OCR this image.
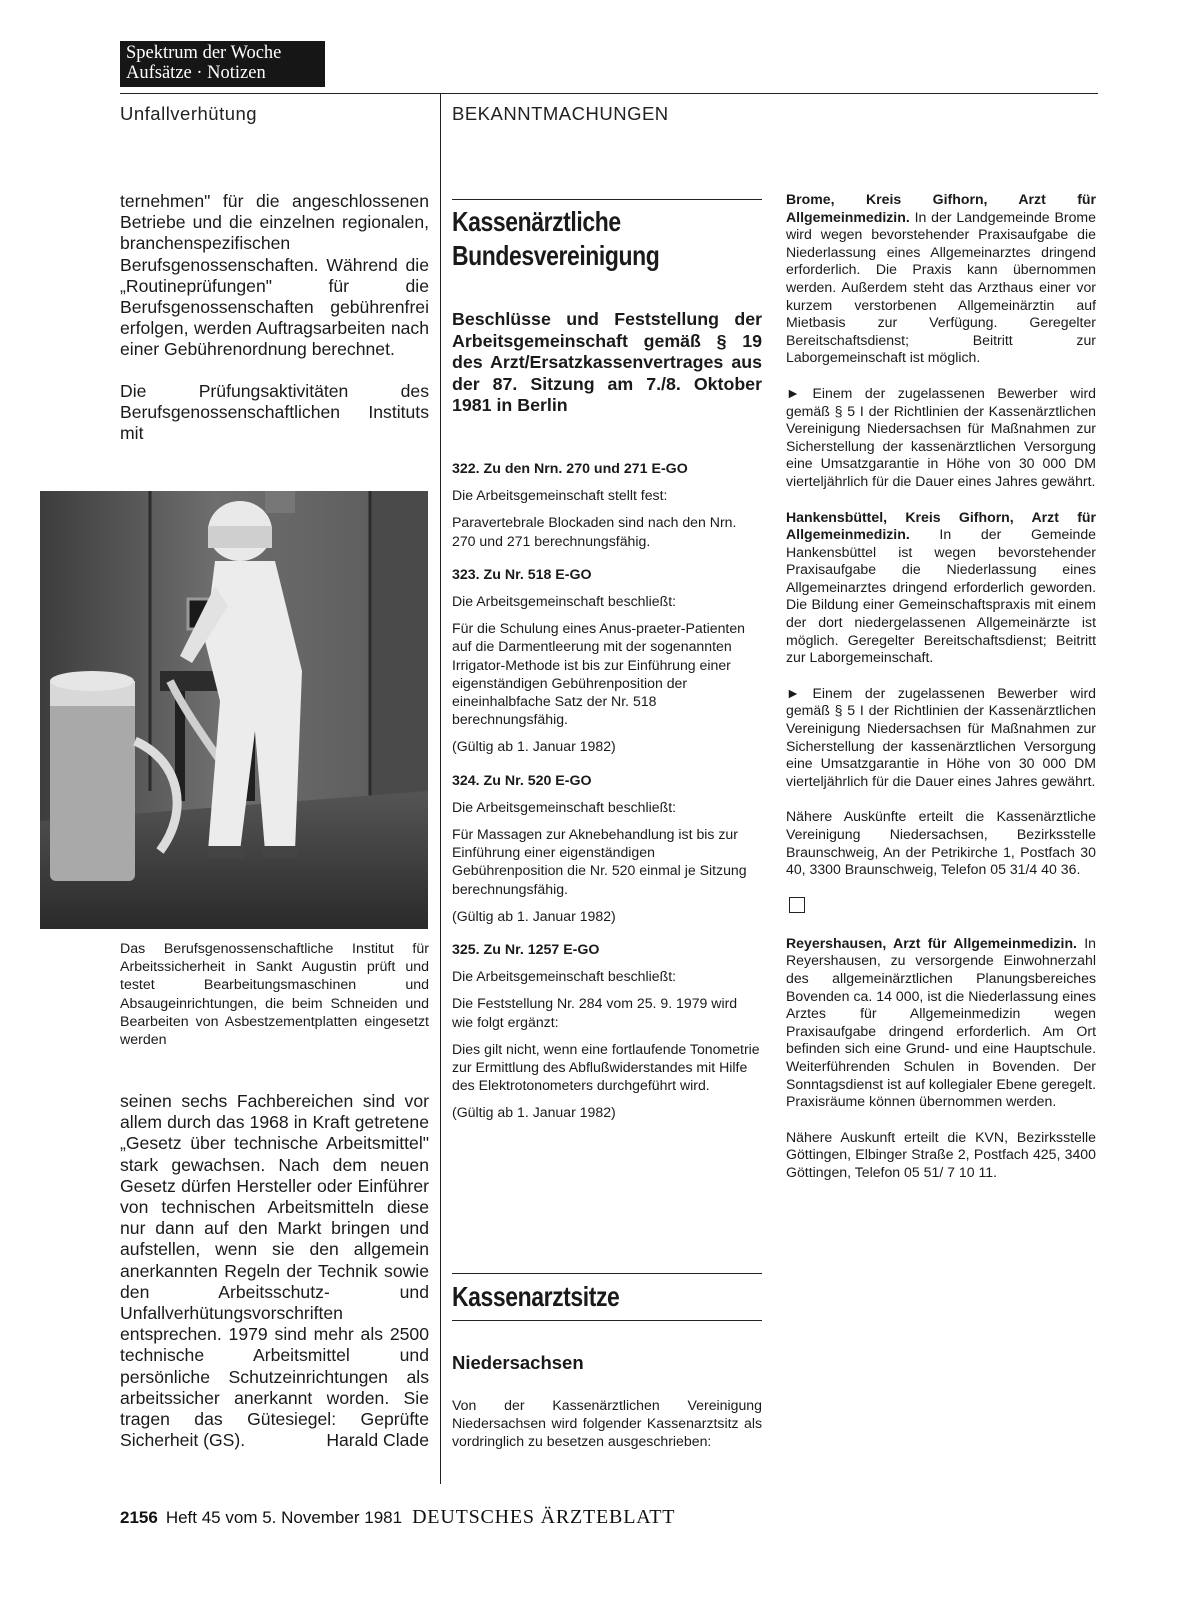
Spektrum der Woche
Aufsätze · Notizen
Unfallverhütung	BEKANNTMACHUNGEN

ternehmen" für die angeschlossenen Betriebe und die einzelnen regionalen, branchenspezifischen Berufsgenossenschaften. Während die „Routineprüfungen" für die Berufsgenossenschaften gebührenfrei erfolgen, werden Auftragsarbeiten nach einer Gebührenordnung berechnet.

Die Prüfungsaktivitäten des Berufsgenossenschaftlichen Instituts mit

Das Berufsgenossenschaftliche Institut für Arbeitssicherheit in Sankt Augustin prüft und testet Bearbeitungsmaschinen und Absaugeinrichtungen, die beim Schneiden und Bearbeiten von Asbestzementplatten eingesetzt werden

seinen sechs Fachbereichen sind vor allem durch das 1968 in Kraft getretene „Gesetz über technische Arbeitsmittel" stark gewachsen. Nach dem neuen Gesetz dürfen Hersteller oder Einführer von technischen Arbeitsmitteln diese nur dann auf den Markt bringen und aufstellen, wenn sie den allgemein anerkannten Regeln der Technik sowie den Arbeitsschutz- und Unfallverhütungsvorschriften entsprechen. 1979 sind mehr als 2500 technische Arbeitsmittel und persönliche Schutzeinrichtungen als arbeitssicher anerkannt worden. Sie tragen das Gütesiegel: Geprüfte Sicherheit (GS).	Harald Clade
Kassenärztliche
Bundesvereinigung
Beschlüsse und Feststellung der Arbeitsgemeinschaft gemäß § 19 des Arzt/Ersatzkassenvertrages aus der 87. Sitzung am 7./8. Oktober 1981 in Berlin
322. Zu den Nrn. 270 und 271 E-GO

Die Arbeitsgemeinschaft stellt fest:

Paravertebrale Blockaden sind nach den Nrn. 270 und 271 berechnungsfähig.

323. Zu Nr. 518 E-GO

Die Arbeitsgemeinschaft beschließt:

Für die Schulung eines Anus-praeter-Patienten auf die Darmentleerung mit der sogenannten Irrigator-Methode ist bis zur Einführung einer eigenständigen Gebührenposition der eineinhalbfache Satz der Nr. 518 berechnungsfähig.

(Gültig ab 1. Januar 1982)

324. Zu Nr. 520 E-GO

Die Arbeitsgemeinschaft beschließt:

Für Massagen zur Aknebehandlung ist bis zur Einführung einer eigenständigen Gebührenposition die Nr. 520 einmal je Sitzung berechnungsfähig.

(Gültig ab 1. Januar 1982)

325. Zu Nr. 1257 E-GO

Die Arbeitsgemeinschaft beschließt:

Die Feststellung Nr. 284 vom 25. 9. 1979 wird wie folgt ergänzt:

Dies gilt nicht, wenn eine fortlaufende Tonometrie zur Ermittlung des Abflußwiderstandes mit Hilfe des Elektrotonometers durchgeführt wird.

(Gültig ab 1. Januar 1982)

Kassenarztsitze
Niedersachsen

Von der Kassenärztlichen Vereinigung Niedersachsen wird folgender Kassenarztsitz als vordringlich zu besetzen ausgeschrieben:

Brome, Kreis Gifhorn, Arzt für Allgemeinmedizin. In der Landgemeinde Brome wird wegen bevorstehender Praxisaufgabe die Niederlassung eines Allgemeinarztes dringend erforderlich. Die Praxis kann übernommen werden. Außerdem steht das Arzthaus einer vor kurzem verstorbenen Allgemeinärztin auf Mietbasis zur Verfügung. Geregelter Bereitschaftsdienst; Beitritt zur Laborgemeinschaft ist möglich.

► Einem der zugelassenen Bewerber wird gemäß § 5 I der Richtlinien der Kassenärztlichen Vereinigung Niedersachsen für Maßnahmen zur Sicherstellung der kassenärztlichen Versorgung eine Umsatzgarantie in Höhe von 30 000 DM vierteljährlich für die Dauer eines Jahres gewährt.

Hankensbüttel, Kreis Gifhorn, Arzt für Allgemeinmedizin. In der Gemeinde Hankensbüttel ist wegen bevorstehender Praxisaufgabe die Niederlassung eines Allgemeinarztes dringend erforderlich geworden. Die Bildung einer Gemeinschaftspraxis mit einem der dort niedergelassenen Allgemeinärzte ist möglich. Geregelter Bereitschaftsdienst; Beitritt zur Laborgemeinschaft.

► Einem der zugelassenen Bewerber wird gemäß § 5 I der Richtlinien der Kassenärztlichen Vereinigung Niedersachsen für Maßnahmen zur Sicherstellung der kassenärztlichen Versorgung eine Umsatzgarantie in Höhe von 30 000 DM vierteljährlich für die Dauer eines Jahres gewährt.

Nähere Auskünfte erteilt die Kassenärztliche Vereinigung Niedersachsen, Bezirksstelle Braunschweig, An der Petrikirche 1, Postfach 30 40, 3300 Braunschweig, Telefon 05 31/4 40 36.

Reyershausen, Arzt für Allgemeinmedizin. In Reyershausen, zu versorgende Einwohnerzahl des allgemeinärztlichen Planungsbereiches Bovenden ca. 14 000, ist die Niederlassung eines Arztes für Allgemeinmedizin wegen Praxisaufgabe dringend erforderlich. Am Ort befinden sich eine Grund- und eine Hauptschule. Weiterführenden Schulen in Bovenden. Der Sonntagsdienst ist auf kollegialer Ebene geregelt. Praxisräume können übernommen werden.

Nähere Auskunft erteilt die KVN, Bezirksstelle Göttingen, Elbinger Straße 2, Postfach 425, 3400 Göttingen, Telefon 05 51/ 7 10 11.

2156 Heft 45 vom 5. November 1981 DEUTSCHES ÄRZTEBLATT
